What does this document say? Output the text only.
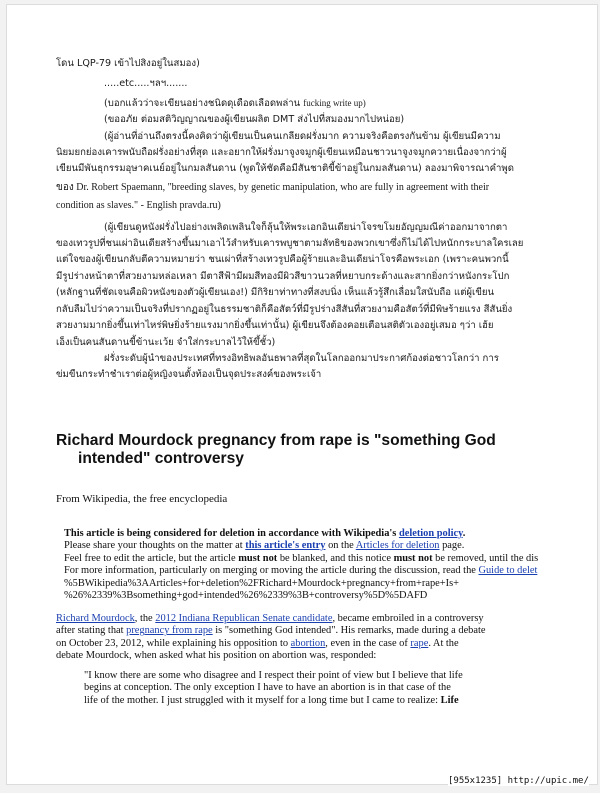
โดน LQP-79 เข้าไปสิงอยู่ในสมอง)
.....etc.....ฯลฯ.......
(บอกแล้วว่าจะเขียนอย่างชนิดดุเดือดเลือดพล่าน fucking write up)
(ขออภัย ต่อมสติวิญญาณของผู้เขียนผลิต DMT ส่งไปที่สมองมากไปหน่อย)
(ผู้อ่านที่อ่านถึงตรงนี้คงคิดว่าผู้เขียนเป็นคนเกลียดฝรั่งมาก ความจริงคือตรงกันข้าม ผู้เขียนมีความ
นิยมยกย่องเคารพนับถือฝรั่งอย่างที่สุด และอยากให้ฝรั่งมาจูงจมูกผู้เขียนเหมือนชาวนาจูงจมูกควายเนื่องจากว่าผู้
เขียนมีพันธุกรรมอุษาคเนย์อยู่ในกมลสันดาน (พูดให้ชัดคือมีสันชาติขี้ข้าอยู่ในกมลสันดาน) ลองมาพิจารณาคำพูด
ของ Dr. Robert Spaemann, "breeding slaves, by genetic manipulation, who are fully in agreement with their
condition as slaves." - English pravda.ru)
(ผู้เขียนดูหนังฝรั่งไปอย่างเพลิดเพลินใจก็ลุ้นให้พระเอกอินเดียน่าโจรขโมยอัญญมณีค่าออกมาจากตา
ของเทวรูปที่ชนเผ่าอินเดียสร้างขึ้นมาเอาไว้สำหรับเคารพบูชาตามลัทธิของพวกเขาซึ่งก็ไม่ได้ไปหนักกระบาลใครเลย
แต่ใจของผู้เขียนกลับตีความหมายว่า ชนเผ่าที่สร้างเทวรูปคือผู้ร้ายและอินเดียน่าโจรคือพระเอก (เพราะคนพวกนี้
มีรูปร่างหน้าตาที่สวยงามหล่อเหลา มีตาสีฟ้ามีผมสีทองมีผิวสีขาวนวลที่หยาบกระด้างและสากยิ่งกว่าหนังกระโปก
(หลักฐานที่ชัดเจนคือผิวหนังของตัวผู้เขียนเอง!) มีกิริยาท่าทางที่สงบนิ่ง เห็นแล้วรู้สึกเลื่อมใสนับถือ แต่ผู้เขียน
กลับลืมไปว่าความเป็นจริงที่ปรากฏอยู่ในธรรมชาติก็คือสัตว์ที่มีรูปร่างสีสันที่สวยงามคือสัตว์ที่มีพิษร้ายแรง สีสันยิ่ง
สวยงามมากยิ่งขึ้นเท่าไหร่พิษยิ่งร้ายแรงมากยิ่งขึ้นเท่านั้น) ผู้เขียนจึงต้องคอยเตือนสติตัวเองอยู่เสมอ ๆว่า เฮ้ย
เอ็งเป็นคนสันดานขี้ข้านะเว้ย จำใส่กระบาลไว้ให้ขึ้ชั้ว)
ฝรั่งระดับผู้นำของประเทศที่ทรงอิทธิพลอันธพาลที่สุดในโลกออกมาประกาศก้องต่อชาวโลกว่า การ
ข่มขืนกระทำชำเราต่อผู้หญิงจนตั้งท้องเป็นจุดประสงค์ของพระเจ้า
Richard Mourdock pregnancy from rape is "something God
intended" controversy
From Wikipedia, the free encyclopedia
This article is being considered for deletion in accordance with Wikipedia's deletion policy.
Please share your thoughts on the matter at this article's entry on the Articles for deletion page.
Feel free to edit the article, but the article must not be blanked, and this notice must not be removed, until the dis
For more information, particularly on merging or moving the article during the discussion, read the Guide to delet
%5BWikipedia%3AArticles+for+deletion%2FRichard+Mourdock+pregnancy+from+rape+Is+
%26%2339%3Bsomething+god+intended%26%2339%3B+controversy%5D%5DAFD
Richard Mourdock, the 2012 Indiana Republican Senate candidate, became embroiled in a controversy
after stating that pregnancy from rape is "something God intended". His remarks, made during a debate
on October 23, 2012, while explaining his opposition to abortion, even in the case of rape. At the
debate Mourdock, when asked what his position on abortion was, responded:
"I know there are some who disagree and I respect their point of view but I believe that life
begins at conception. The only exception I have to have an abortion is in that case of the
life of the mother. I just struggled with it myself for a long time but I came to realize: Life
[955x1235] http://upic.me/
